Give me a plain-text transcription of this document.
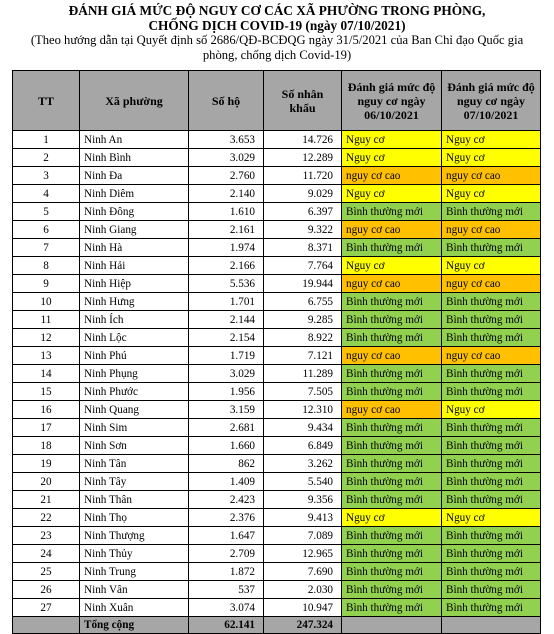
ĐÁNH GIÁ MỨC ĐỘ NGUY CƠ CÁC XÃ PHƯỜNG TRONG PHÒNG,
CHỐNG DỊCH COVID-19 (ngày 07/10/2021)
(Theo hướng dẫn tại Quyết định số 2686/QĐ-BCĐQG ngày 31/5/2021 của Ban Chỉ đạo Quốc gia phòng, chống dịch Covid-19)
TT	Xã phường	Số hộ	Số nhân khẩu	Đánh giá mức độ nguy cơ ngày 06/10/2021	Đánh giá mức độ nguy cơ ngày 07/10/2021
1	Ninh An	3.653	14.726	Nguy cơ	Nguy cơ
2	Ninh Bình	3.029	12.289	Nguy cơ	Nguy cơ
3	Ninh Đa	2.760	11.720	nguy cơ cao	nguy cơ cao
4	Ninh Diêm	2.140	9.029	Nguy cơ	Nguy cơ
5	Ninh Đông	1.610	6.397	Bình thường mới	Bình thường mới
6	Ninh Giang	2.161	9.322	nguy cơ cao	nguy cơ cao
7	Ninh Hà	1.974	8.371	Bình thường mới	Bình thường mới
8	Ninh Hải	2.166	7.764	Nguy cơ	Nguy cơ
9	Ninh Hiệp	5.536	19.944	nguy cơ cao	nguy cơ cao
10	Ninh Hưng	1.701	6.755	Bình thường mới	Bình thường mới
11	Ninh Ích	2.144	9.285	Bình thường mới	Bình thường mới
12	Ninh Lộc	2.154	8.922	Bình thường mới	Bình thường mới
13	Ninh Phú	1.719	7.121	nguy cơ cao	nguy cơ cao
14	Ninh Phụng	3.029	11.289	Bình thường mới	Bình thường mới
15	Ninh Phước	1.956	7.505	Bình thường mới	Bình thường mới
16	Ninh Quang	3.159	12.310	nguy cơ cao	Nguy cơ
17	Ninh Sim	2.681	9.434	Bình thường mới	Bình thường mới
18	Ninh Sơn	1.660	6.849	Bình thường mới	Bình thường mới
19	Ninh Tân	862	3.262	Bình thường mới	Bình thường mới
20	Ninh Tây	1.409	5.540	Bình thường mới	Bình thường mới
21	Ninh Thân	2.423	9.356	Bình thường mới	Bình thường mới
22	Ninh Thọ	2.376	9.413	Nguy cơ	Nguy cơ
23	Ninh Thượng	1.647	7.089	Bình thường mới	Bình thường mới
24	Ninh Thủy	2.709	12.965	Bình thường mới	Bình thường mới
25	Ninh Trung	1.872	7.690	Bình thường mới	Bình thường mới
26	Ninh Vân	537	2.030	Bình thường mới	Bình thường mới
27	Ninh Xuân	3.074	10.947	Bình thường mới	Bình thường mới
	Tổng cộng	62.141	247.324		
